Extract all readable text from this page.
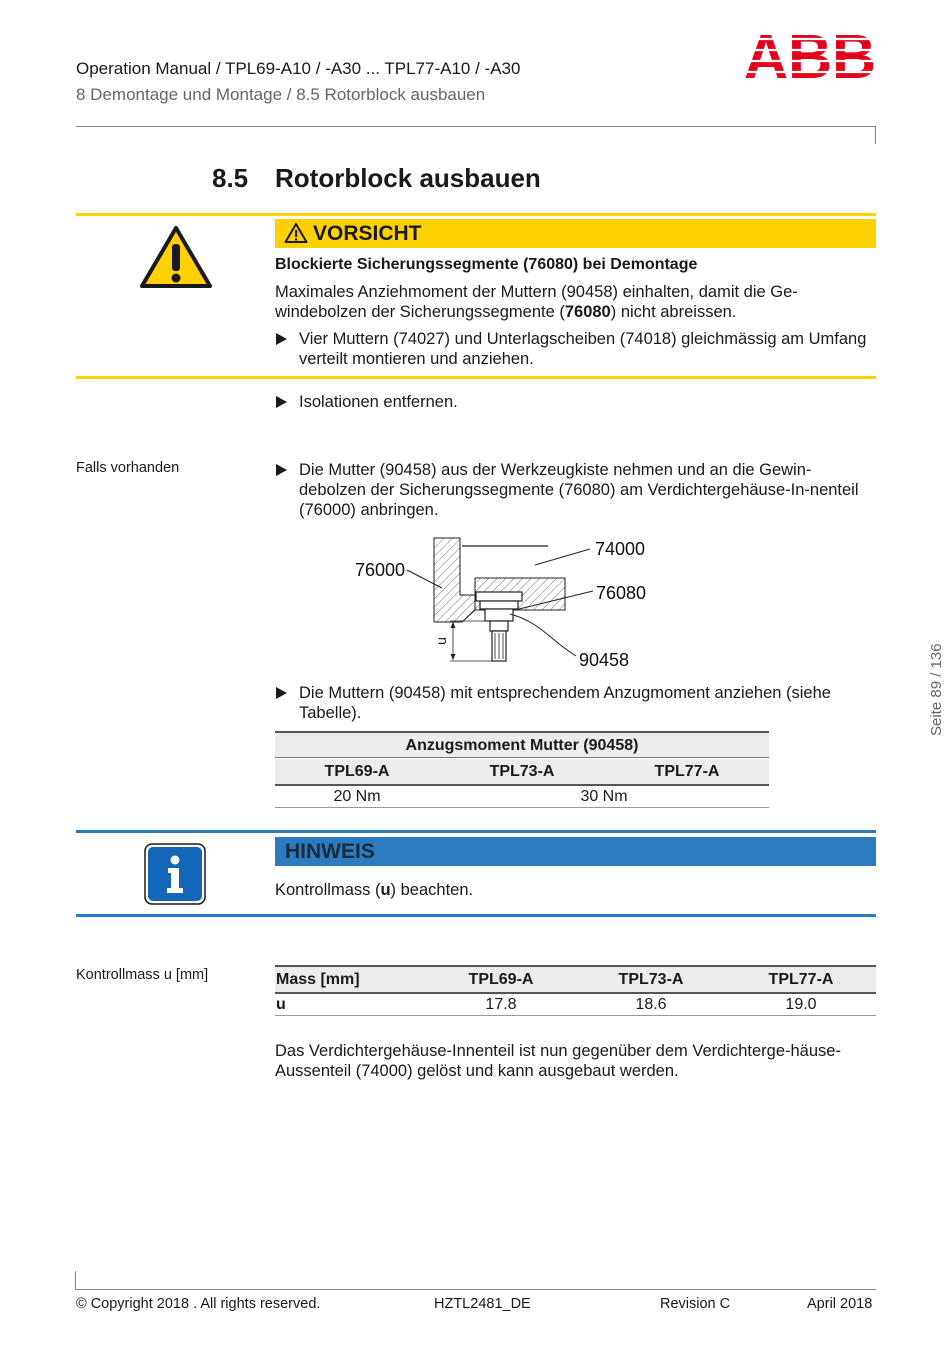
Operation Manual / TPL69-A10 / -A30 ... TPL77-A10 / -A30
8 Demontage und Montage / 8.5 Rotorblock ausbauen
ABB
8.5 Rotorblock ausbauen
VORSICHT
Blockierte Sicherungssegmente (76080) bei Demontage
Maximales Anziehmoment der Muttern (90458) einhalten, damit die Ge-windebolzen der Sicherungssegmente (76080) nicht abreissen.
Vier Muttern (74027) und Unterlagscheiben (74018) gleichmässig am Umfang verteilt montieren und anziehen.
Isolationen entfernen.
Falls vorhanden	Die Mutter (90458) aus der Werkzeugkiste nehmen und an die Gewin-debolzen der Sicherungssegmente (76080) am Verdichtergehäuse-In-nenteil (76000) anbringen.
u
74000
76000
76080
90458
Die Muttern (90458) mit entsprechendem Anzugmoment anziehen (siehe Tabelle).
Anzugsmoment Mutter (90458)
TPL69-A	TPL73-A	TPL77-A
20 Nm	30 Nm
HINWEIS
Kontrollmass (u) beachten.
Kontrollmass u [mm]	Mass [mm]	TPL69-A	TPL73-A	TPL77-A
u	17.8	18.6	19.0
Das Verdichtergehäuse-Innenteil ist nun gegenüber dem Verdichterge-häuse-Aussenteil (74000) gelöst und kann ausgebaut werden.
Seite 89 / 136
© Copyright 2018 . All rights reserved.	HZTL2481_DE	Revision C	April 2018
